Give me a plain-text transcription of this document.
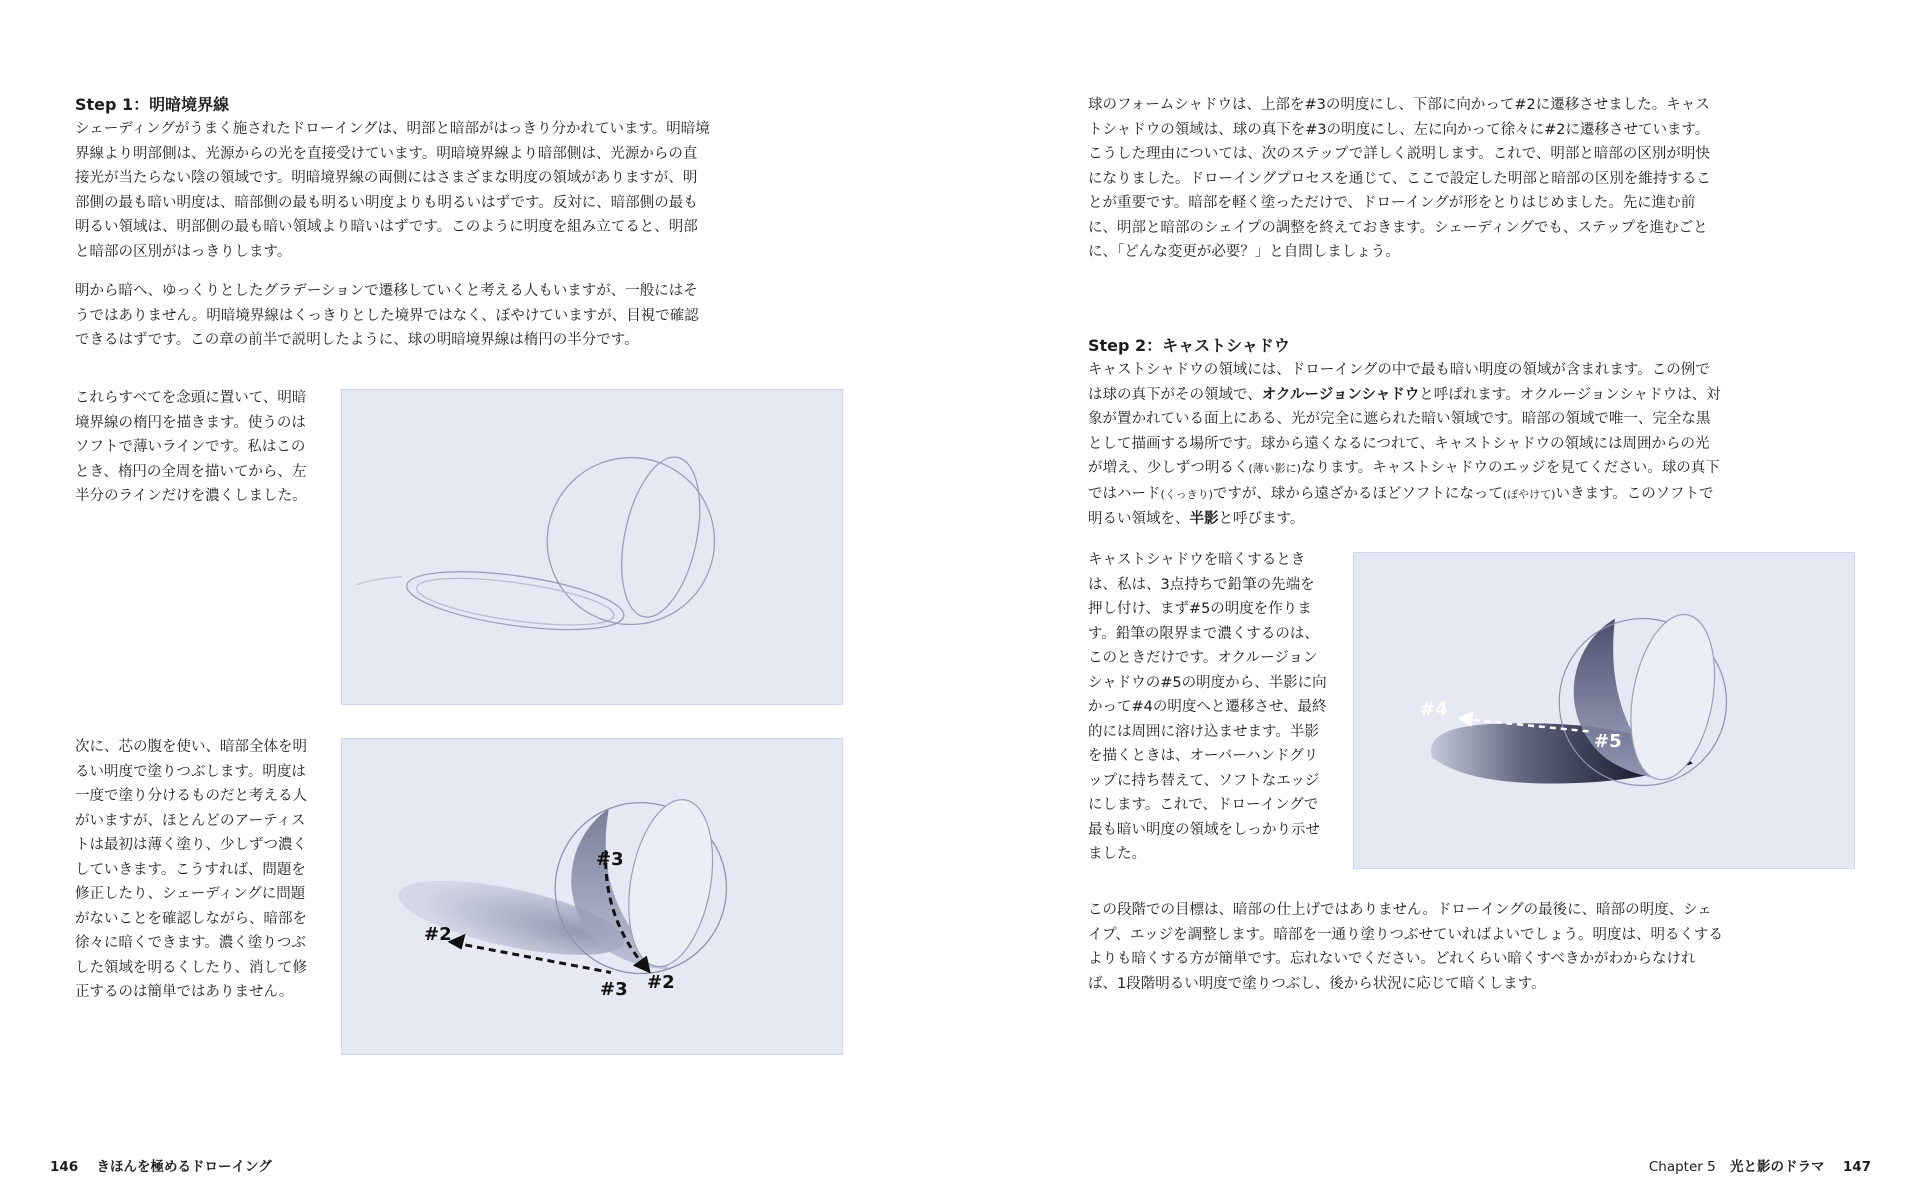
Step 1：明暗境界線

シェーディングがうまく施されたドローイングは、明部と暗部がはっきり分かれています。明暗境界線より明部側は、光源からの光を直接受けています。明暗境界線より暗部側は、光源からの直接光が当たらない陰の領域です。明暗境界線の両側にはさまざまな明度の領域がありますが、明部側の最も暗い明度は、暗部側の最も明るい明度よりも明るいはずです。反対に、暗部側の最も明るい領域は、明部側の最も暗い領域より暗いはずです。このように明度を組み立てると、明部と暗部の区別がはっきりします。

明から暗へ、ゆっくりとしたグラデーションで遷移していくと考える人もいますが、一般にはそうではありません。明暗境界線はくっきりとした境界ではなく、ぼやけていますが、目視で確認できるはずです。この章の前半で説明したように、球の明暗境界線は楕円の半分です。

これらすべてを念頭に置いて、明暗境界線の楕円を描きます。使うのはソフトで薄いラインです。私はこのとき、楕円の全周を描いてから、左半分のラインだけを濃くしました。

次に、芯の腹を使い、暗部全体を明るい明度で塗りつぶします。明度は一度で塗り分けるものだと考える人がいますが、ほとんどのアーティストは最初は薄く塗り、少しずつ濃くしていきます。こうすれば、問題を修正したり、シェーディングに問題がないことを確認しながら、暗部を徐々に暗くできます。濃く塗りつぶした領域を明るくしたり、消して修正するのは簡単ではありません。

#3
#2
#3 #2
146 きほんを極めるドローイング

球のフォームシャドウは、上部を#3の明度にし、下部に向かって#2に遷移させました。キャストシャドウの領域は、球の真下を#3の明度にし、左に向かって徐々に#2に遷移させています。こうした理由については、次のステップで詳しく説明します。これで、明部と暗部の区別が明快になりました。ドローイングプロセスを通じて、ここで設定した明部と暗部の区別を維持することが重要です。暗部を軽く塗っただけで、ドローイングが形をとりはじめました。先に進む前に、明部と暗部のシェイプの調整を終えておきます。シェーディングでも、ステップを進むごとに、「どんな変更が必要？」と自問しましょう。

Step 2：キャストシャドウ

キャストシャドウの領域には、ドローイングの中で最も暗い明度の領域が含まれます。この例では球の真下がその領域で、オクルージョンシャドウと呼ばれます。オクルージョンシャドウは、対象が置かれている面上にある、光が完全に遮られた暗い領域です。暗部の領域で唯一、完全な黒として描画する場所です。球から遠くなるにつれて、キャストシャドウの領域には周囲からの光が増え、少しずつ明るく(薄い影に)なります。キャストシャドウのエッジを見てください。球の真下ではハード(くっきり)ですが、球から遠ざかるほどソフトになって(ぼやけて)いきます。このソフトで明るい領域を、半影と呼びます。

キャストシャドウを暗くするときは、私は、3点持ちで鉛筆の先端を押し付け、まず#5の明度を作ります。鉛筆の限界まで濃くするのは、このときだけです。オクルージョンシャドウの#5の明度から、半影に向かって#4の明度へと遷移させ、最終的には周囲に溶け込ませます。半影を描くときは、オーバーハンドグリップに持ち替えて、ソフトなエッジにします。これで、ドローイングで最も暗い明度の領域をしっかり示せました。

#4
#5

この段階での目標は、暗部の仕上げではありません。ドローイングの最後に、暗部の明度、シェイプ、エッジを調整します。暗部を一通り塗りつぶせていればよいでしょう。明度は、明るくするよりも暗くする方が簡単です。忘れないでください。どれくらい暗くすべきかがわからなければ、1段階明るい明度で塗りつぶし、後から状況に応じて暗くします。

Chapter 5 光と影のドラマ 147
